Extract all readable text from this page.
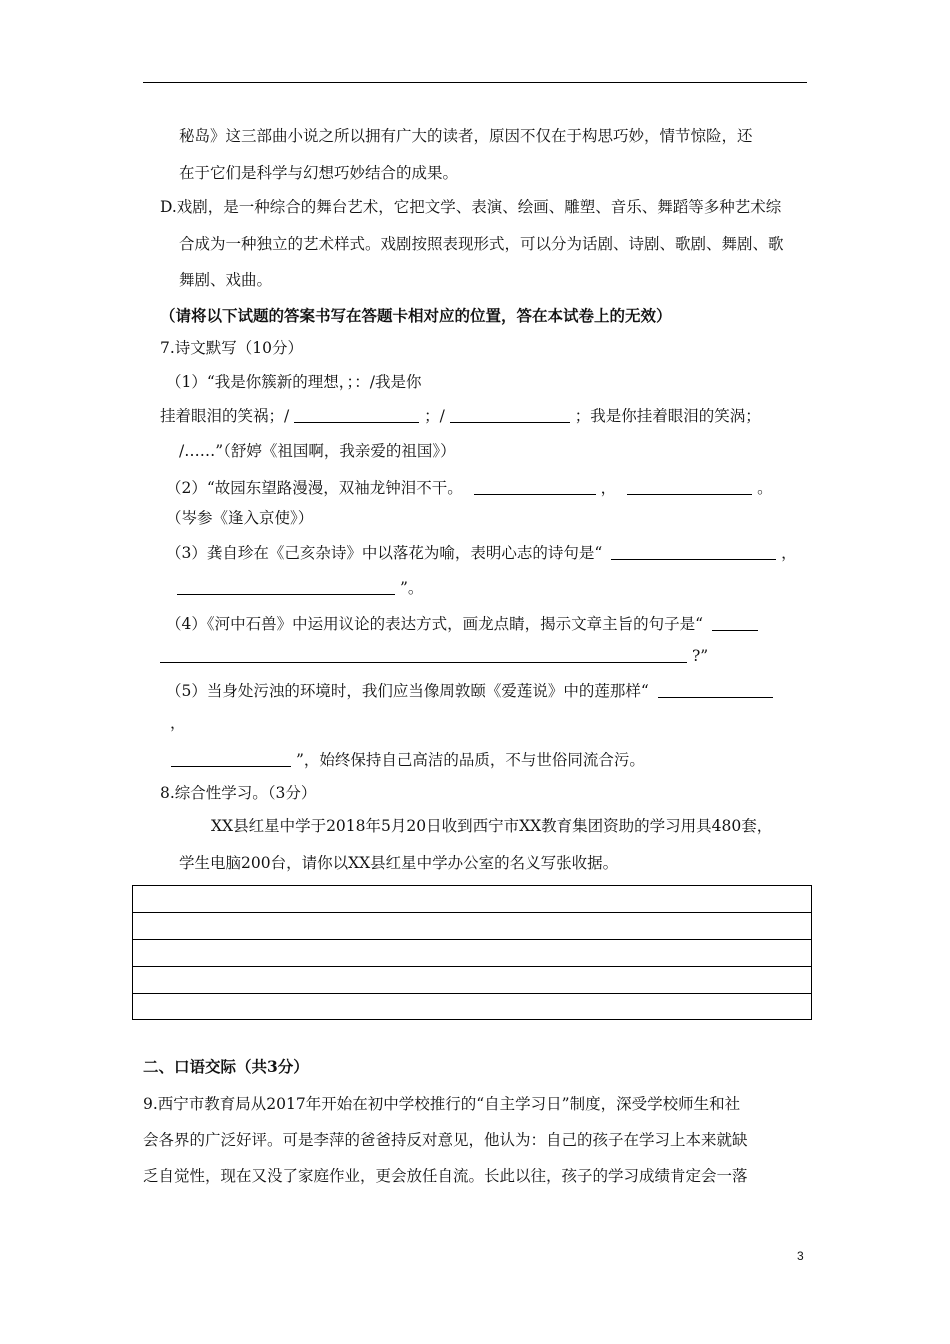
秘岛》这三部曲小说之所以拥有广大的读者，原因不仅在于构思巧妙，情节惊险，还
在于它们是科学与幻想巧妙结合的成果。
D.戏剧，是一种综合的舞台艺术，它把文学、表演、绘画、雕塑、音乐、舞蹈等多种艺术综
合成为一种独立的艺术样式。戏剧按照表现形式，可以分为话剧、诗剧、歌剧、舞剧、歌
舞剧、戏曲。
（请将以下试题的答案书写在答题卡相对应的位置，答在本试卷上的无效）
7.诗文默写（10分）
（1）“我是你簇新的理想，；：/我是你
挂着眼泪的笑祸；/	；/	；我是你挂着眼泪的笑涡；
/……”（舒婷《祖国啊，我亲爱的祖国》）
（2）“故园东望路漫漫，双袖龙钟泪不干。	，	。
（岑参《逢入京使》）
（3）龚自珍在《己亥杂诗》中以落花为喻，表明心志的诗句是“	，
”。
（4）《河中石兽》中运用议论的表达方式，画龙点睛，揭示文章主旨的句子是“
?”
（5）当身处污浊的环境时，我们应当像周敦颐《爱莲说》中的莲那样“
，
”，始终保持自己高洁的品质，不与世俗同流合污。
8.综合性学习。（3分）
XX县红星中学于2018年5月20日收到西宁市XX教育集团资助的学习用具480套，
学生电脑200台，请你以XX县红星中学办公室的名义写张收据。
二、口语交际（共3分）
9.西宁市教育局从2017年开始在初中学校推行的“自主学习日”制度，深受学校师生和社
会各界的广泛好评。可是李萍的爸爸持反对意见，他认为：自己的孩子在学习上本来就缺
乏自觉性，现在又没了家庭作业，更会放任自流。长此以往，孩子的学习成绩肯定会一落
3
